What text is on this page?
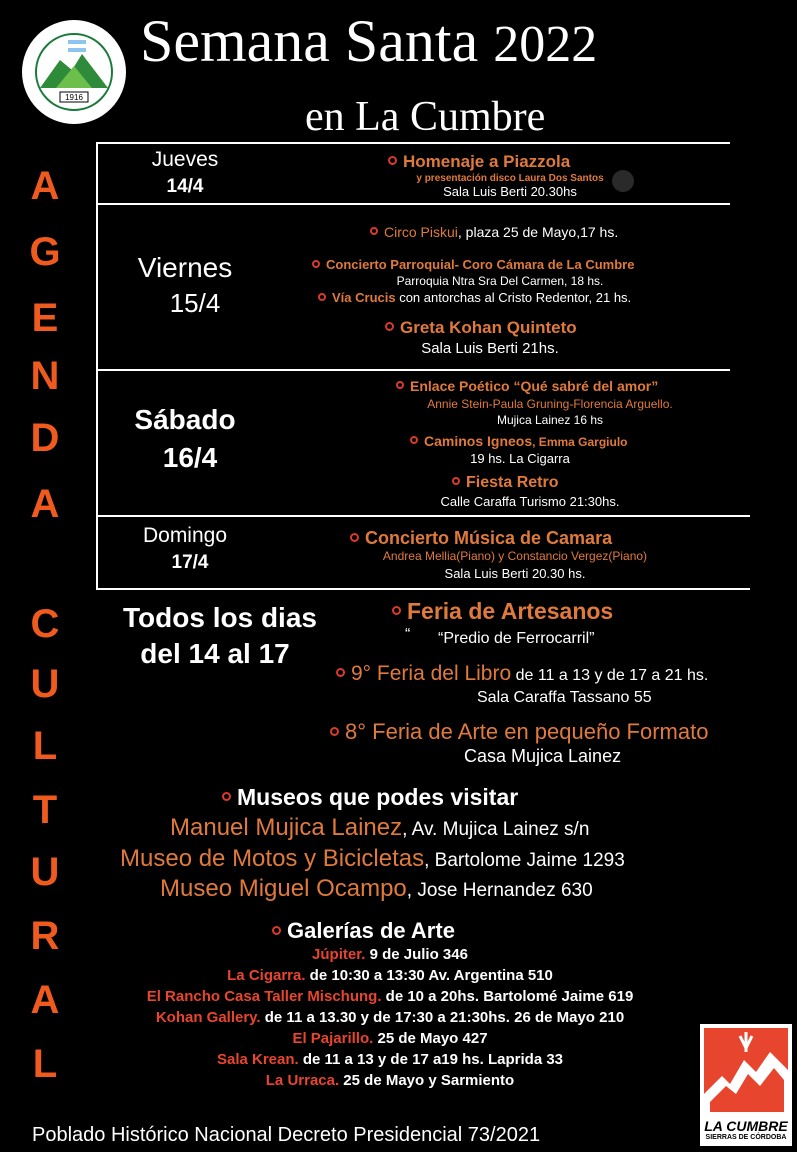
1916
Semana Santa 2022
en La Cumbre
A
G
E
N
D
A
C
U
L
T
U
R
A
L
Jueves
14/4
Homenaje a Piazzola
y presentación disco Laura Dos Santos
Sala Luis Berti 20.30hs
Viernes
15/4
Circo Piskui, plaza 25 de Mayo,17 hs.
Concierto Parroquial- Coro Cámara de La Cumbre
Parroquia Ntra Sra Del Carmen, 18 hs.
Vía Crucis con antorchas al Cristo Redentor, 21 hs.
Greta Kohan Quinteto
Sala Luis Berti 21hs.
Sábado
16/4
Enlace Poético “Qué sabré del amor”
Annie Stein-Paula Gruning-Florencia Arguello.
Mujica Lainez 16 hs
Caminos Igneos, Emma Gargiulo
19 hs. La Cigarra
Fiesta Retro
Calle Caraffa Turismo 21:30hs.
Domingo
17/4
Concierto Música de Camara
Andrea Mellia(Piano) y Constancio Vergez(Piano)
Sala Luis Berti 20.30 hs.
Todos los dias
del 14 al 17
Feria de Artesanos
“ “Predio de Ferrocarril”
9° Feria del Libro de 11 a 13 y de 17 a 21 hs.
Sala Caraffa Tassano 55
8° Feria de Arte en pequeño Formato
Casa Mujica Lainez
Museos que podes visitar
Manuel Mujica Lainez, Av. Mujica Lainez s/n
Museo de Motos y Bicicletas, Bartolome Jaime 1293
Museo Miguel Ocampo, Jose Hernandez 630
Galerías de Arte
Júpiter. 9 de Julio 346
La Cigarra. de 10:30 a 13:30 Av. Argentina 510
El Rancho Casa Taller Mischung. de 10 a 20hs. Bartolomé Jaime 619
Kohan Gallery. de 11 a 13.30 y de 17:30 a 21:30hs. 26 de Mayo 210
El Pajarillo. 25 de Mayo 427
Sala Krean. de 11 a 13 y de 17 a19 hs. Laprida 33
La Urraca. 25 de Mayo y Sarmiento
Poblado Histórico Nacional Decreto Presidencial 73/2021	LA CUMBRE
SIERRAS DE CÓRDOBA
